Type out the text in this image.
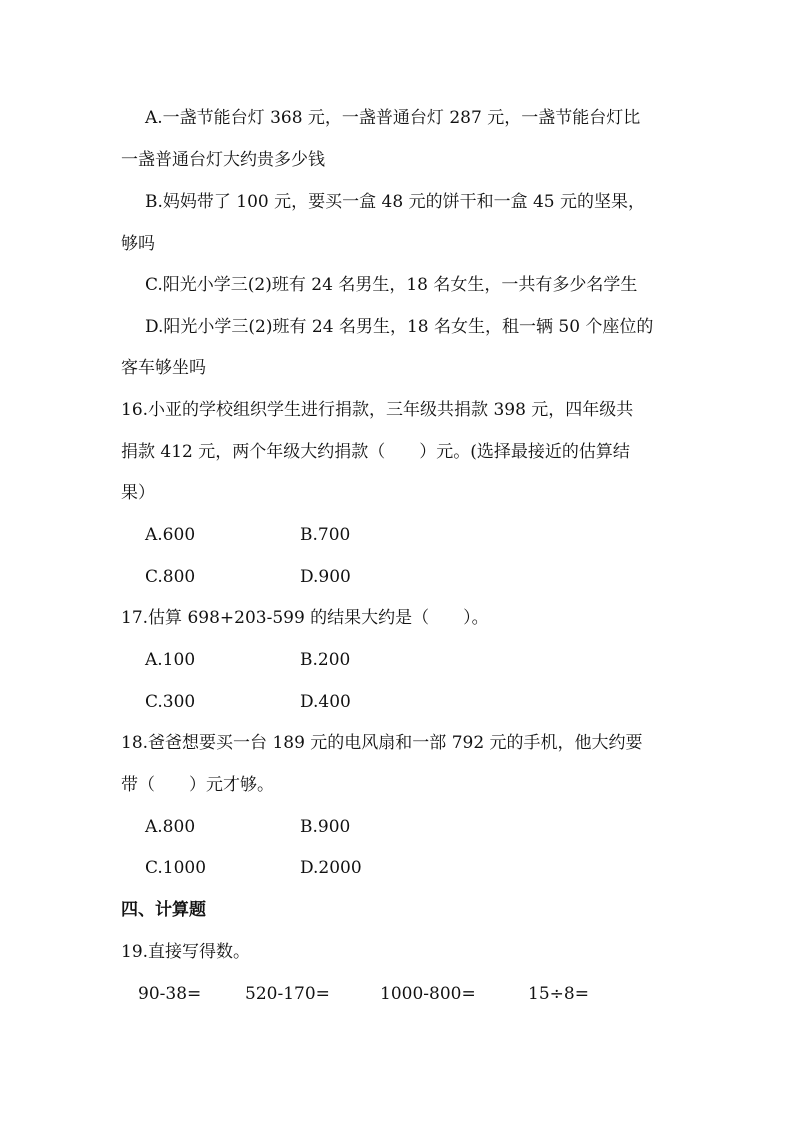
A.一盏节能台灯 368 元，一盏普通台灯 287 元，一盏节能台灯比
一盏普通台灯大约贵多少钱
B.妈妈带了 100 元，要买一盒 48 元的饼干和一盒 45 元的坚果，
够吗
C.阳光小学三(2)班有 24 名男生，18 名女生，一共有多少名学生
D.阳光小学三(2)班有 24 名男生，18 名女生，租一辆 50 个座位的
客车够坐吗
16.小亚的学校组织学生进行捐款，三年级共捐款 398 元，四年级共
捐款 412 元，两个年级大约捐款（　　）元。(选择最接近的估算结
果）
A.600	B.700
C.800	D.900
17.估算 698+203-599 的结果大约是（　　）。
A.100	B.200
C.300	D.400
18.爸爸想要买一台 189 元的电风扇和一部 792 元的手机，他大约要
带（　　）元才够。
A.800	B.900
C.1000	D.2000
四、计算题
19.直接写得数。
90-38=	520-170=	1000-800=	15÷8=
